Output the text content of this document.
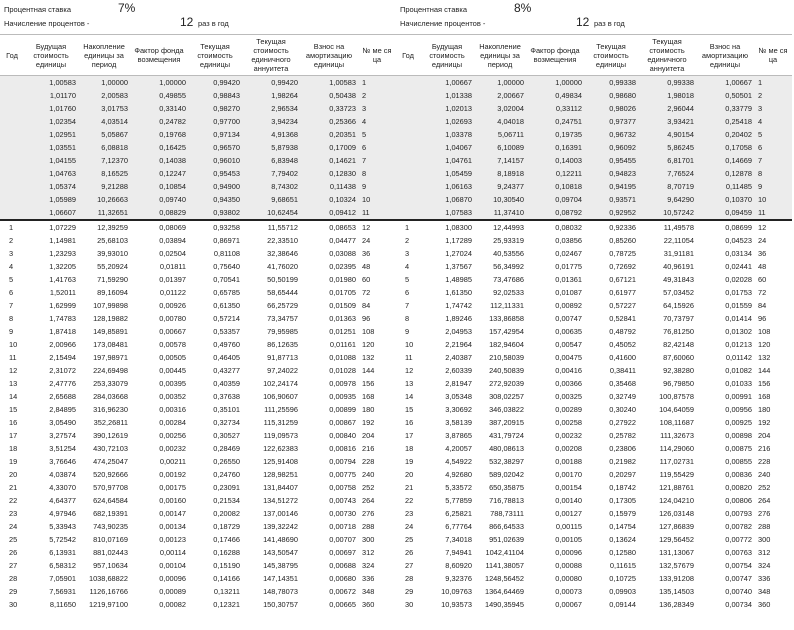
Процентная ставка	7%
Начисление процентов -	12 раз в год
Год	Будущая стоимость единицы	Накопление единицы за период	Фактор фонда возмещения	Текущая стоимость единицы	Текущая стоимость единичного аннуитета	Взнос на амортизацию единицы	№ ме ся ца
	1,00583	1,00000	1,00000	0,99420	0,99420	1,00583	1
	1,01170	2,00583	0,49855	0,98843	1,98264	0,50438	2
	1,01760	3,01753	0,33140	0,98270	2,96534	0,33723	3
	1,02354	4,03514	0,24782	0,97700	3,94234	0,25366	4
	1,02951	5,05867	0,19768	0,97134	4,91368	0,20351	5
	1,03551	6,08818	0,16425	0,96570	5,87938	0,17009	6
	1,04155	7,12370	0,14038	0,96010	6,83948	0,14621	7
	1,04763	8,16525	0,12247	0,95453	7,79402	0,12830	8
	1,05374	9,21288	0,10854	0,94900	8,74302	0,11438	9
	1,05989	10,26663	0,09740	0,94350	9,68651	0,10324	10
	1,06607	11,32651	0,08829	0,93802	10,62454	0,09412	11
1	1,07229	12,39259	0,08069	0,93258	11,55712	0,08653	12
2	1,14981	25,68103	0,03894	0,86971	22,33510	0,04477	24
3	1,23293	39,93010	0,02504	0,81108	32,38646	0,03088	36
4	1,32205	55,20924	0,01811	0,75640	41,76020	0,02395	48
5	1,41763	71,59290	0,01397	0,70541	50,50199	0,01980	60
6	1,52011	89,16094	0,01122	0,65785	58,65444	0,01705	72
7	1,62999	107,99898	0,00926	0,61350	66,25729	0,01509	84
8	1,74783	128,19882	0,00780	0,57214	73,34757	0,01363	96
9	1,87418	149,85891	0,00667	0,53357	79,95985	0,01251	108
10	2,00966	173,08481	0,00578	0,49760	86,12635	0,01161	120
11	2,15494	197,98971	0,00505	0,46405	91,87713	0,01088	132
12	2,31072	224,69498	0,00445	0,43277	97,24022	0,01028	144
13	2,47776	253,33079	0,00395	0,40359	102,24174	0,00978	156
14	2,65688	284,03668	0,00352	0,37638	106,90607	0,00935	168
15	2,84895	316,96230	0,00316	0,35101	111,25596	0,00899	180
16	3,05490	352,26811	0,00284	0,32734	115,31259	0,00867	192
17	3,27574	390,12619	0,00256	0,30527	119,09573	0,00840	204
18	3,51254	430,72103	0,00232	0,28469	122,62383	0,00816	216
19	3,76646	474,25047	0,00211	0,26550	125,91408	0,00794	228
20	4,03874	520,92666	0,00192	0,24760	128,98251	0,00775	240
21	4,33070	570,97708	0,00175	0,23091	131,84407	0,00758	252
22	4,64377	624,64584	0,00160	0,21534	134,51272	0,00743	264
23	4,97946	682,19391	0,00147	0,20082	137,00146	0,00730	276
24	5,33943	743,90235	0,00134	0,18729	139,32242	0,00718	288
25	5,72542	810,07169	0,00123	0,17466	141,48690	0,00707	300
26	6,13931	881,02443	0,00114	0,16288	143,50547	0,00697	312
27	6,58312	957,10634	0,00104	0,15190	145,38795	0,00688	324
28	7,05901	1038,68822	0,00096	0,14166	147,14351	0,00680	336
29	7,56931	1126,16766	0,00089	0,13211	148,78073	0,00672	348
30	8,11650	1219,97100	0,00082	0,12321	150,30757	0,00665	360
Процентная ставка	8%
Начисление процентов -	12 раз в год
Год	Будущая стоимость единицы	Накопление единицы за период	Фактор фонда возмещения	Текущая стоимость единицы	Текущая стоимость единичного аннуитета	Взнос на амортизацию единицы	№ ме ся ца
	1,00667	1,00000	1,00000	0,99338	0,99338	1,00667	1
	1,01338	2,00667	0,49834	0,98680	1,98018	0,50501	2
	1,02013	3,02004	0,33112	0,98026	2,96044	0,33779	3
	1,02693	4,04018	0,24751	0,97377	3,93421	0,25418	4
	1,03378	5,06711	0,19735	0,96732	4,90154	0,20402	5
	1,04067	6,10089	0,16391	0,96092	5,86245	0,17058	6
	1,04761	7,14157	0,14003	0,95455	6,81701	0,14669	7
	1,05459	8,18918	0,12211	0,94823	7,76524	0,12878	8
	1,06163	9,24377	0,10818	0,94195	8,70719	0,11485	9
	1,06870	10,30540	0,09704	0,93571	9,64290	0,10370	10
	1,07583	11,37410	0,08792	0,92952	10,57242	0,09459	11
1	1,08300	12,44993	0,08032	0,92336	11,49578	0,08699	12
2	1,17289	25,93319	0,03856	0,85260	22,11054	0,04523	24
3	1,27024	40,53556	0,02467	0,78725	31,91181	0,03134	36
4	1,37567	56,34992	0,01775	0,72692	40,96191	0,02441	48
5	1,48985	73,47686	0,01361	0,67121	49,31843	0,02028	60
6	1,61350	92,02533	0,01087	0,61977	57,03452	0,01753	72
7	1,74742	112,11331	0,00892	0,57227	64,15926	0,01559	84
8	1,89246	133,86858	0,00747	0,52841	70,73797	0,01414	96
9	2,04953	157,42954	0,00635	0,48792	76,81250	0,01302	108
10	2,21964	182,94604	0,00547	0,45052	82,42148	0,01213	120
11	2,40387	210,58039	0,00475	0,41600	87,60060	0,01142	132
12	2,60339	240,50839	0,00416	0,38411	92,38280	0,01082	144
13	2,81947	272,92039	0,00366	0,35468	96,79850	0,01033	156
14	3,05348	308,02257	0,00325	0,32749	100,87578	0,00991	168
15	3,30692	346,03822	0,00289	0,30240	104,64059	0,00956	180
16	3,58139	387,20915	0,00258	0,27922	108,11687	0,00925	192
17	3,87865	431,79724	0,00232	0,25782	111,32673	0,00898	204
18	4,20057	480,08613	0,00208	0,23806	114,29060	0,00875	216
19	4,54922	532,38297	0,00188	0,21982	117,02731	0,00855	228
20	4,92680	589,02042	0,00170	0,20297	119,55429	0,00836	240
21	5,33572	650,35875	0,00154	0,18742	121,88761	0,00820	252
22	5,77859	716,78813	0,00140	0,17305	124,04210	0,00806	264
23	6,25821	788,73111	0,00127	0,15979	126,03148	0,00793	276
24	6,77764	866,64533	0,00115	0,14754	127,86839	0,00782	288
25	7,34018	951,02639	0,00105	0,13624	129,56452	0,00772	300
26	7,94941	1042,41104	0,00096	0,12580	131,13067	0,00763	312
27	8,60920	1141,38057	0,00088	0,11615	132,57679	0,00754	324
28	9,32376	1248,56452	0,00080	0,10725	133,91208	0,00747	336
29	10,09763	1364,64469	0,00073	0,09903	135,14503	0,00740	348
30	10,93573	1490,35945	0,00067	0,09144	136,28349	0,00734	360
